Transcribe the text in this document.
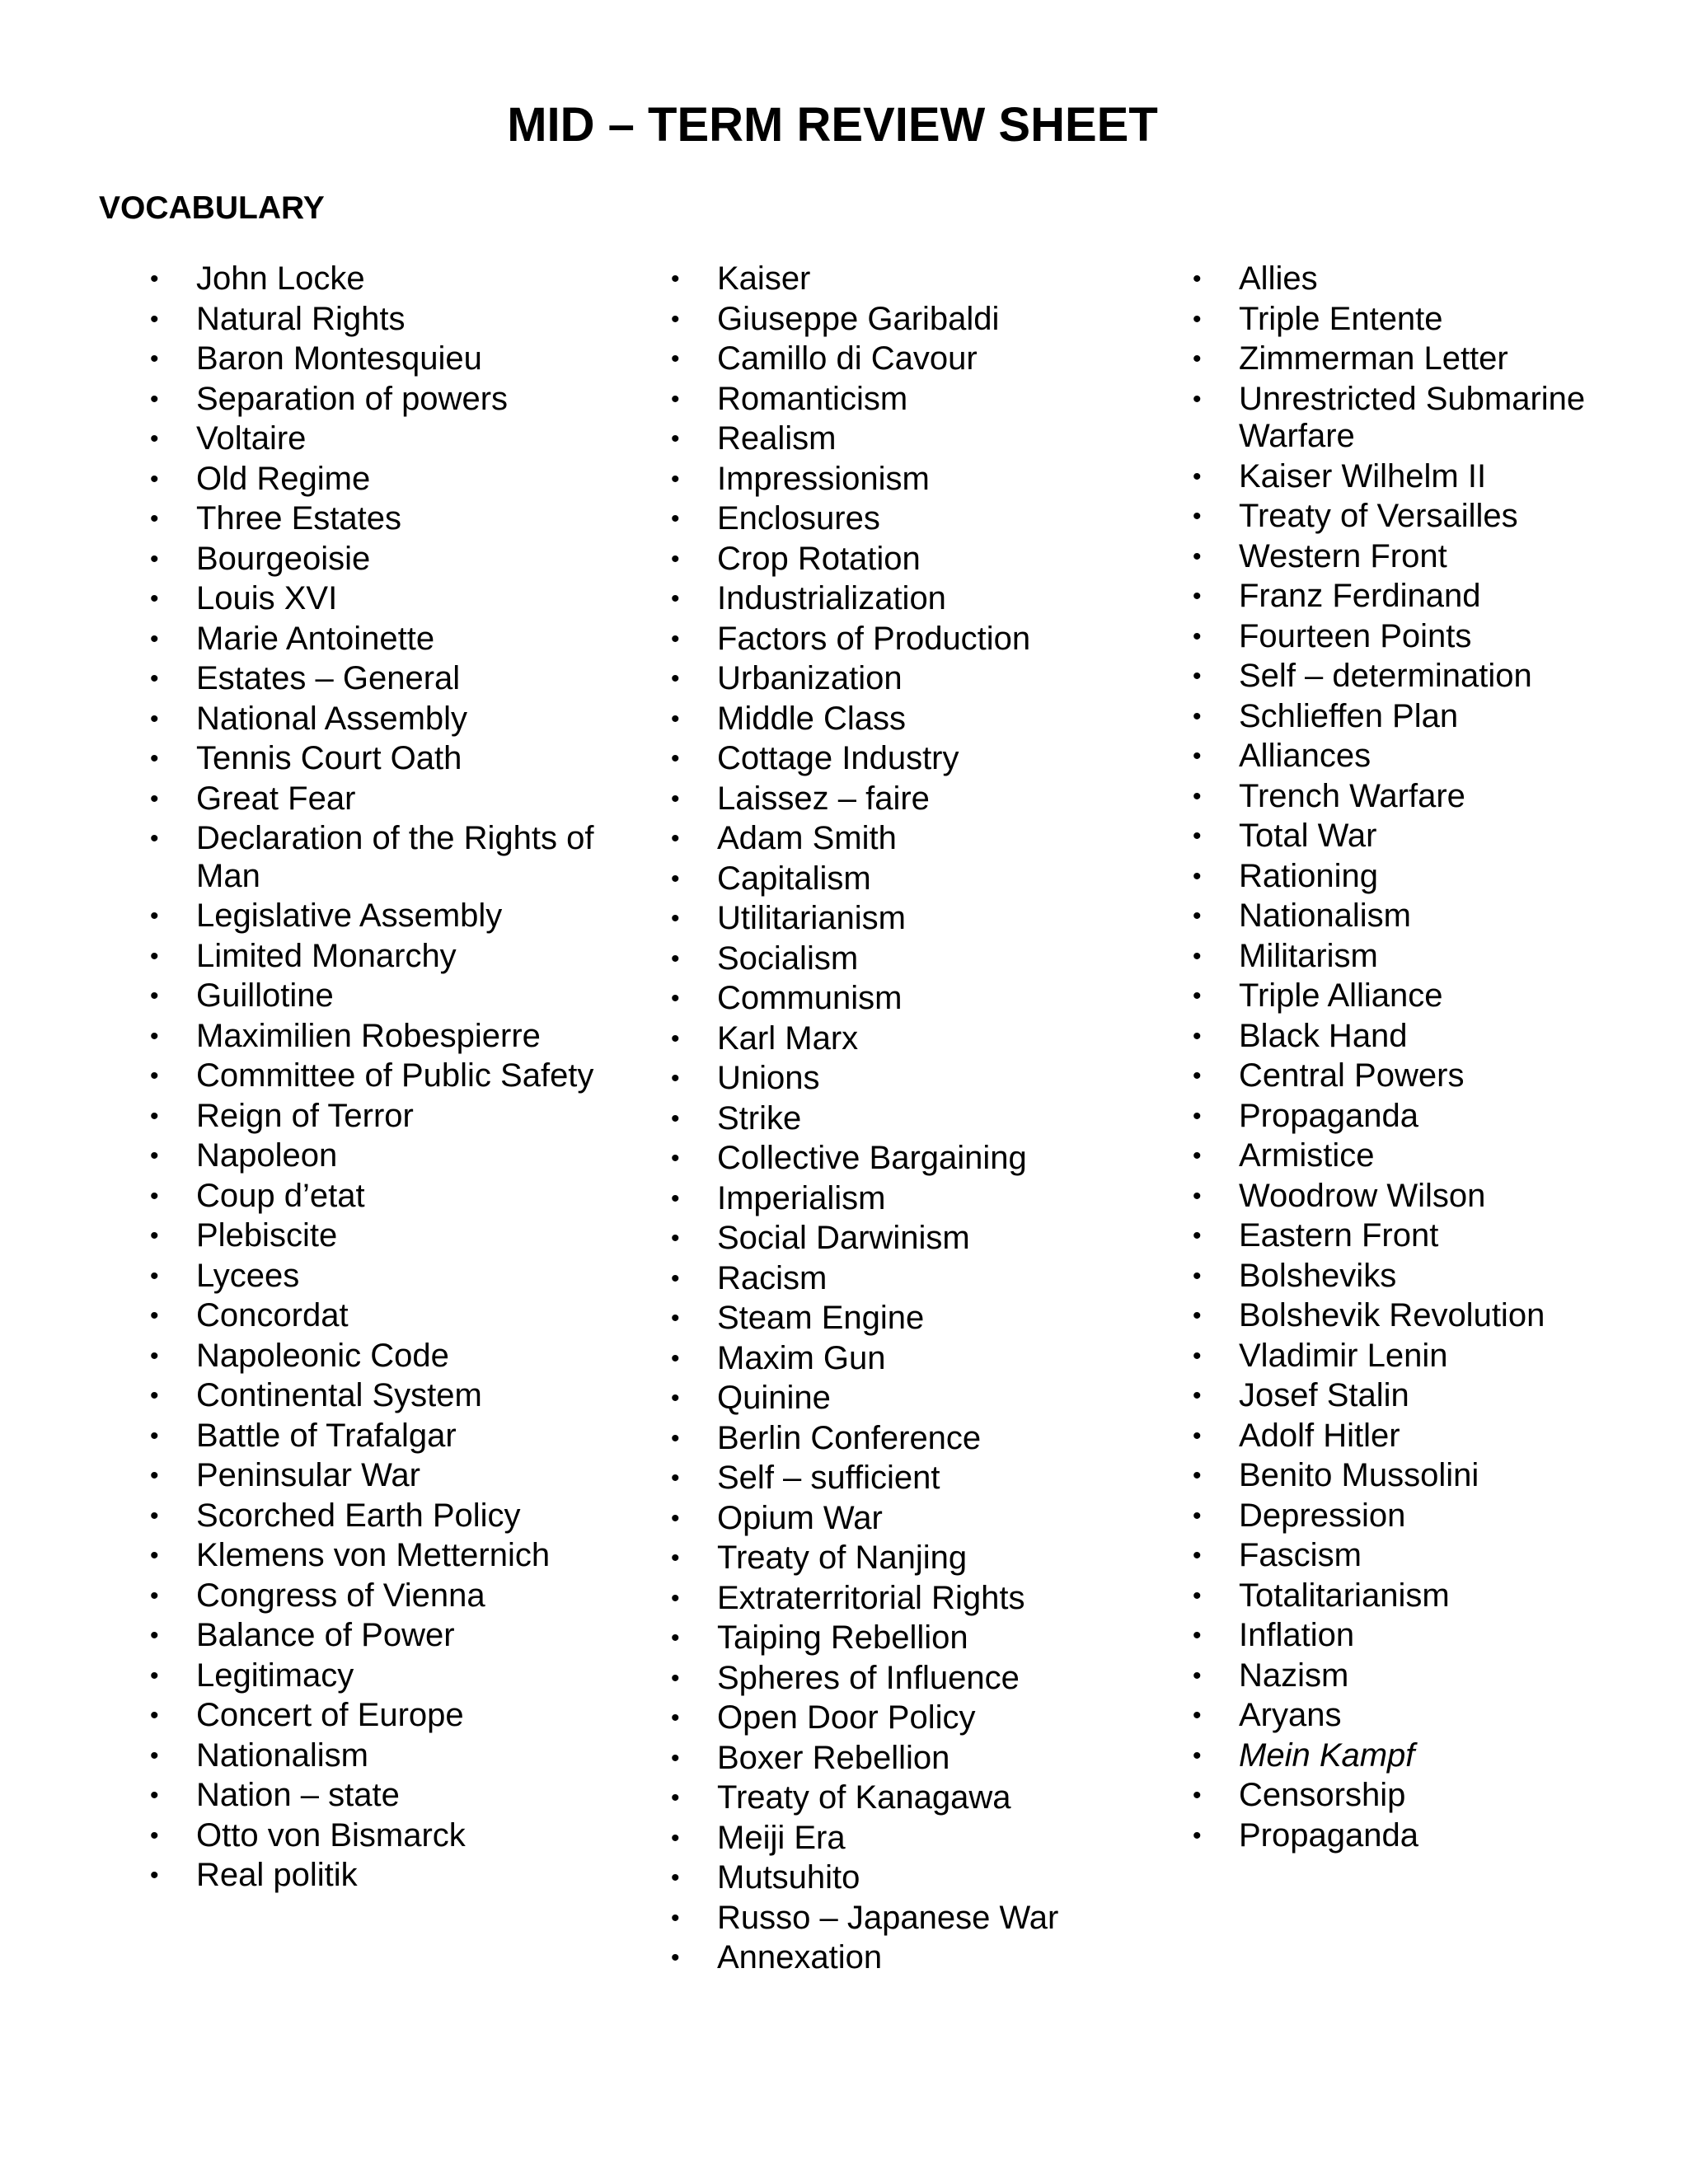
MID – TERM REVIEW SHEET
VOCABULARY
• John Locke
• Natural Rights
• Baron Montesquieu
• Separation of powers
• Voltaire
• Old Regime
• Three Estates
• Bourgeoisie
• Louis XVI
• Marie Antoinette
• Estates – General
• National Assembly
• Tennis Court Oath
• Great Fear
• Declaration of the Rights of Man
• Legislative Assembly
• Limited Monarchy
• Guillotine
• Maximilien Robespierre
• Committee of Public Safety
• Reign of Terror
• Napoleon
• Coup d’etat
• Plebiscite
• Lycees
• Concordat
• Napoleonic Code
• Continental System
• Battle of Trafalgar
• Peninsular War
• Scorched Earth Policy
• Klemens von Metternich
• Congress of Vienna
• Balance of Power
• Legitimacy
• Concert of Europe
• Nationalism
• Nation – state
• Otto von Bismarck
• Real politik
• Kaiser
• Giuseppe Garibaldi
• Camillo di Cavour
• Romanticism
• Realism
• Impressionism
• Enclosures
• Crop Rotation
• Industrialization
• Factors of Production
• Urbanization
• Middle Class
• Cottage Industry
• Laissez – faire
• Adam Smith
• Capitalism
• Utilitarianism
• Socialism
• Communism
• Karl Marx
• Unions
• Strike
• Collective Bargaining
• Imperialism
• Social Darwinism
• Racism
• Steam Engine
• Maxim Gun
• Quinine
• Berlin Conference
• Self – sufficient
• Opium War
• Treaty of Nanjing
• Extraterritorial Rights
• Taiping Rebellion
• Spheres of Influence
• Open Door Policy
• Boxer Rebellion
• Treaty of Kanagawa
• Meiji Era
• Mutsuhito
• Russo – Japanese War
• Annexation
• Allies
• Triple Entente
• Zimmerman Letter
• Unrestricted Submarine Warfare
• Kaiser Wilhelm II
• Treaty of Versailles
• Western Front
• Franz Ferdinand
• Fourteen Points
• Self – determination
• Schlieffen Plan
• Alliances
• Trench Warfare
• Total War
• Rationing
• Nationalism
• Militarism
• Triple Alliance
• Black Hand
• Central Powers
• Propaganda
• Armistice
• Woodrow Wilson
• Eastern Front
• Bolsheviks
• Bolshevik Revolution
• Vladimir Lenin
• Josef Stalin
• Adolf Hitler
• Benito Mussolini
• Depression
• Fascism
• Totalitarianism
• Inflation
• Nazism
• Aryans
• Mein Kampf
• Censorship
• Propaganda
